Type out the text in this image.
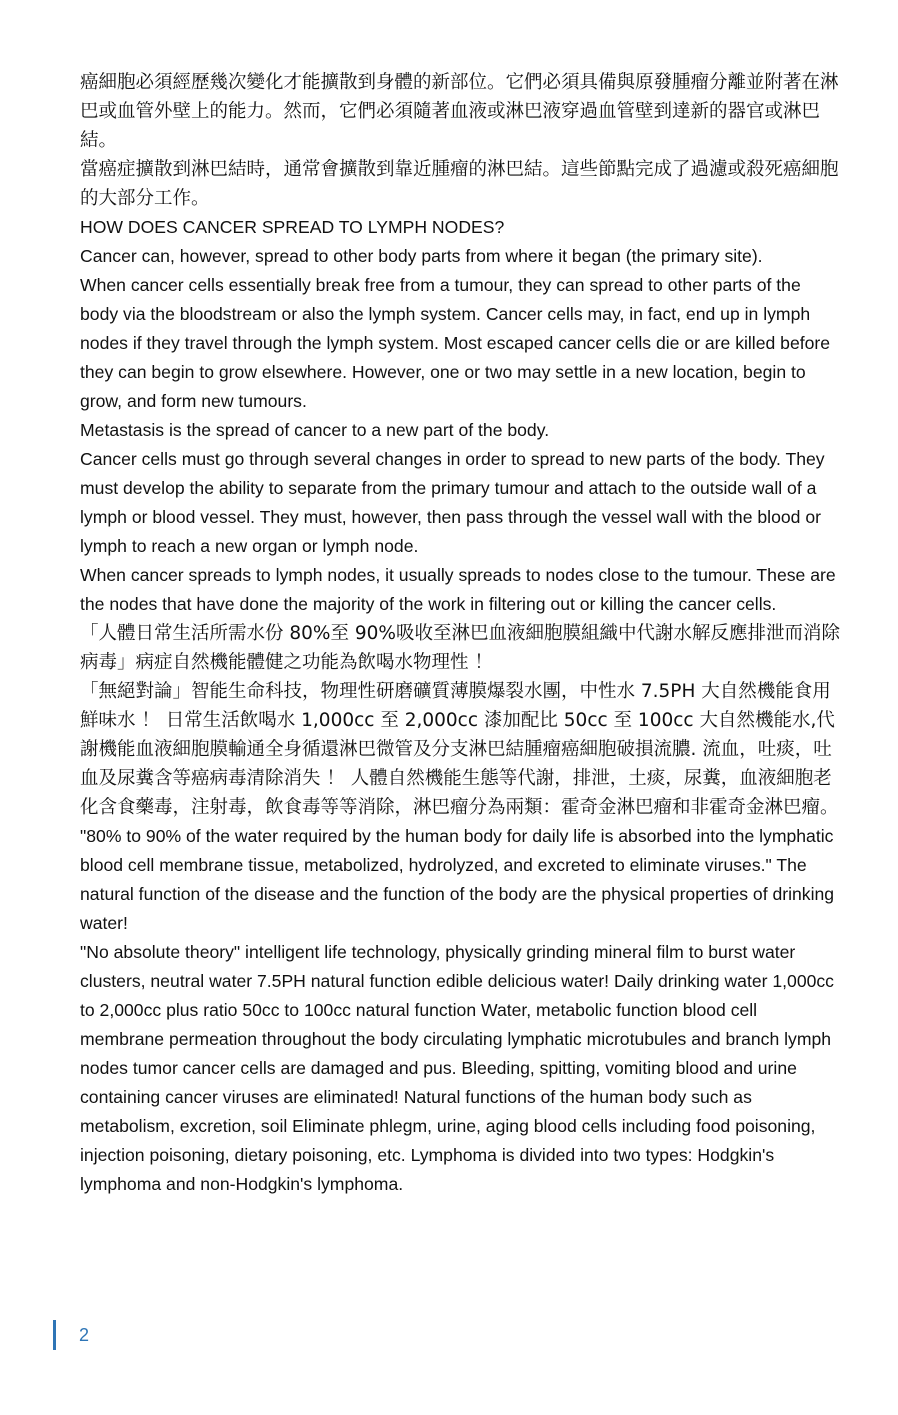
癌細胞必須經歷幾次變化才能擴散到身體的新部位。它們必須具備與原發腫瘤分離並附著在淋巴或血管外壁上的能力。然而，它們必須隨著血液或淋巴液穿過血管壁到達新的器官或淋巴結。

當癌症擴散到淋巴結時，通常會擴散到靠近腫瘤的淋巴結。這些節點完成了過濾或殺死癌細胞的大部分工作。

HOW DOES CANCER SPREAD TO LYMPH NODES?

Cancer can, however, spread to other body parts from where it began (the primary site).

When cancer cells essentially break free from a tumour, they can spread to other parts of the body via the bloodstream or also the lymph system. Cancer cells may, in fact, end up in lymph nodes if they travel through the lymph system. Most escaped cancer cells die or are killed before they can begin to grow elsewhere. However, one or two may settle in a new location, begin to grow, and form new tumours.

Metastasis is the spread of cancer to a new part of the body.

Cancer cells must go through several changes in order to spread to new parts of the body. They must develop the ability to separate from the primary tumour and attach to the outside wall of a lymph or blood vessel. They must, however, then pass through the vessel wall with the blood or lymph to reach a new organ or lymph node.

When cancer spreads to lymph nodes, it usually spreads to nodes close to the tumour. These are the nodes that have done the majority of the work in filtering out or killing the cancer cells.

「人體日常生活所需水份 80%至 90%吸收至淋巴血液細胞膜組織中代謝水解反應排泄而消除病毒」病症自然機能體健之功能為飲喝水物理性 ！

「無絕對論」智能生命科技，物理性研磨礦質薄膜爆裂水團，中性水 7.5PH 大自然機能食用鮮味水 ！ 日常生活飲喝水 1,000cc 至 2,000cc 漆加配比 50cc 至 100cc 大自然機能水,代謝機能血液細胞膜輸通全身循還淋巴微管及分支淋巴結腫瘤癌細胞破損流膿. 流血，吐痰，吐血及尿糞含等癌病毒清除消失 ！ 人體自然機能生態等代謝，排泄，土痰，尿糞，血液細胞老化含食藥毒，注射毒，飲食毒等等消除，淋巴瘤分為兩類：霍奇金淋巴瘤和非霍奇金淋巴瘤。

"80% to 90% of the water required by the human body for daily life is absorbed into the lymphatic blood cell membrane tissue, metabolized, hydrolyzed, and excreted to eliminate viruses." The natural function of the disease and the function of the body are the physical properties of drinking water!

"No absolute theory" intelligent life technology, physically grinding mineral film to burst water clusters, neutral water 7.5PH natural function edible delicious water! Daily drinking water 1,000cc to 2,000cc plus ratio 50cc to 100cc natural function Water, metabolic function blood cell membrane permeation throughout the body circulating lymphatic microtubules and branch lymph nodes tumor cancer cells are damaged and pus. Bleeding, spitting, vomiting blood and urine containing cancer viruses are eliminated! Natural functions of the human body such as metabolism, excretion, soil Eliminate phlegm, urine, aging blood cells including food poisoning, injection poisoning, dietary poisoning, etc. Lymphoma is divided into two types: Hodgkin's lymphoma and non-Hodgkin's lymphoma.

2
